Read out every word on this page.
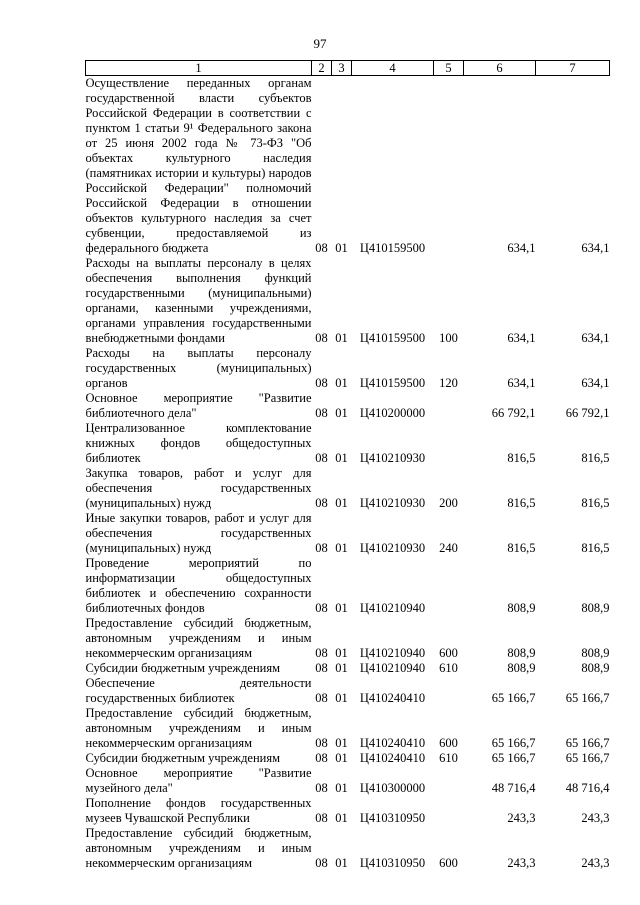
97
1	2	3	4	5	6	7
Осуществление переданных органам государственной власти субъектов Российской Федерации в соответствии с пунктом 1 статьи 9¹ Федерального закона от 25 июня 2002 года № 73-ФЗ "Об объектах культурного наследия (памятниках истории и культуры) народов Российской Федерации" полномочий Российской Федерации в отношении объектов культурного наследия за счет субвенции, предоставляемой из федерального бюджета	08	01	Ц410159500		634,1	634,1
Расходы на выплаты персоналу в целях обеспечения выполнения функций государственными (муниципальными) органами, казенными учреждениями, органами управления государственными внебюджетными фондами	08	01	Ц410159500	100	634,1	634,1
Расходы на выплаты персоналу государственных (муниципальных) органов	08	01	Ц410159500	120	634,1	634,1
Основное мероприятие "Развитие библиотечного дела"	08	01	Ц410200000		66 792,1	66 792,1
Централизованное комплектование книжных фондов общедоступных библиотек	08	01	Ц410210930		816,5	816,5
Закупка товаров, работ и услуг для обеспечения государственных (муниципальных) нужд	08	01	Ц410210930	200	816,5	816,5
Иные закупки товаров, работ и услуг для обеспечения государственных (муниципальных) нужд	08	01	Ц410210930	240	816,5	816,5
Проведение мероприятий по информатизации общедоступных библиотек и обеспечению сохранности библиотечных фондов	08	01	Ц410210940		808,9	808,9
Предоставление субсидий бюджетным, автономным учреждениям и иным некоммерческим организациям	08	01	Ц410210940	600	808,9	808,9
Субсидии бюджетным учреждениям	08	01	Ц410210940	610	808,9	808,9
Обеспечение деятельности государственных библиотек	08	01	Ц410240410		65 166,7	65 166,7
Предоставление субсидий бюджетным, автономным учреждениям и иным некоммерческим организациям	08	01	Ц410240410	600	65 166,7	65 166,7
Субсидии бюджетным учреждениям	08	01	Ц410240410	610	65 166,7	65 166,7
Основное мероприятие "Развитие музейного дела"	08	01	Ц410300000		48 716,4	48 716,4
Пополнение фондов государственных музеев Чувашской Республики	08	01	Ц410310950		243,3	243,3
Предоставление субсидий бюджетным, автономным учреждениям и иным некоммерческим организациям	08	01	Ц410310950	600	243,3	243,3
